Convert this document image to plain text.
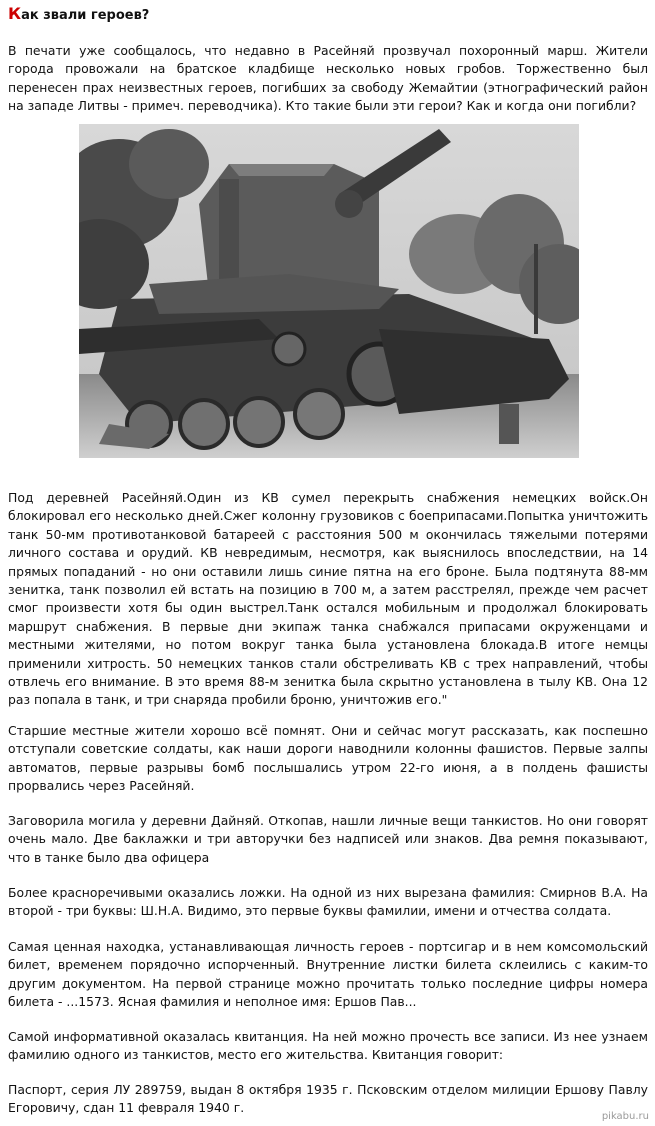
Как звали героев?

В печати уже сообщалось, что недавно в Расейняй прозвучал похоронный марш. Жители города провожали на братское кладбище несколько новых гробов. Торжественно был перенесен прах неизвестных героев, погибших за свободу Жемайтии (этнографический район на западе Литвы - примеч. переводчика). Кто такие были эти герои? Как и когда они погибли?

Под деревней Расейняй.Один из КВ сумел перекрыть снабжения немецких войск.Он блокировал его несколько дней.Сжег колонну грузовиков с боеприпасами.Попытка уничтожить танк 50-мм противотанковой батареей с расстояния 500 м окончилась тяжелыми потерями личного состава и орудий. КВ невредимым, несмотря, как выяснилось впоследствии, на 14 прямых попаданий - но они оставили лишь синие пятна на его броне. Была подтянута 88-мм зенитка, танк позволил ей встать на позицию в 700 м, а затем расстрелял, прежде чем расчет смог произвести хотя бы один выстрел.Танк остался мобильным и продолжал блокировать маршрут снабжения. В первые дни экипаж танка снабжался припасами окруженцами и местными жителями, но потом вокруг танка была установлена блокада.В итоге немцы применили хитрость. 50 немецких танков стали обстреливать КВ с трех направлений, чтобы отвлечь его внимание. В это время 88-м зенитка была скрытно установлена в тылу КВ. Она 12 раз попала в танк, и три снаряда пробили броню, уничтожив его."

Старшие местные жители хорошо всё помнят. Они и сейчас могут рассказать, как поспешно отступали советские солдаты, как наши дороги наводнили колонны фашистов. Первые залпы автоматов, первые разрывы бомб послышались утром 22-го июня, а в полдень фашисты прорвались через Расейняй.

Заговорила могила у деревни Дайняй. Откопав, нашли личные вещи танкистов. Но они говорят очень мало. Две баклажки и три авторучки без надписей или знаков. Два ремня показывают, что в танке было два офицера

Более красноречивыми оказались ложки. На одной из них вырезана фамилия: Смирнов В.А. На второй - три буквы: Ш.Н.А. Видимо, это первые буквы фамилии, имени и отчества солдата.

Самая ценная находка, устанавливающая личность героев - портсигар и в нем комсомольский билет, временем порядочно испорченный. Внутренние листки билета склеились с каким-то другим документом. На первой странице можно прочитать только последние цифры номера билета - ...1573. Ясная фамилия и неполное имя: Ершов Пав...

Самой информативной оказалась квитанция. На ней можно прочесть все записи. Из нее узнаем фамилию одного из танкистов, место его жительства. Квитанция говорит:

Паспорт, серия ЛУ 289759, выдан 8 октября 1935 г. Псковским отделом милиции Ершову Павлу Егоровичу, сдан 11 февраля 1940 г.

pikabu.ru
